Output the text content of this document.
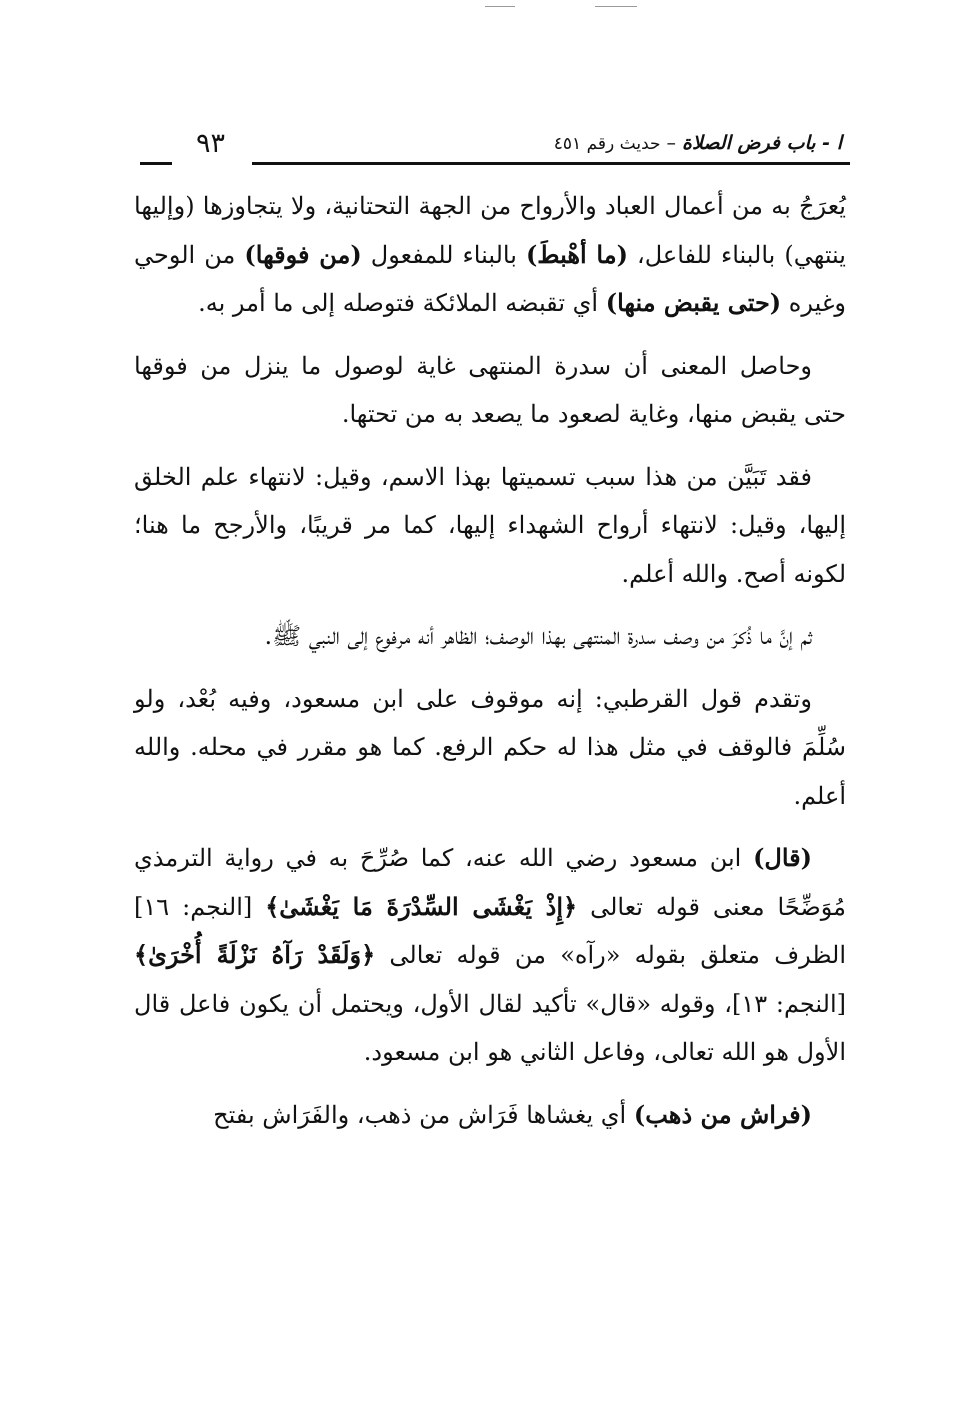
ا - باب فرض الصلاة–حديث رقم ٤٥١
٩٣

يُعرَجُ به من أعمال العباد والأرواح من الجهة التحتانية، ولا يتجاوزها (وإليها ينتهي) بالبناء للفاعل، (ما أهْبطَ) بالبناء للمفعول (من فوقها) من الوحي وغيره (حتى يقبض منها) أي تقبضه الملائكة فتوصله إلى ما أمر به.

وحاصل المعنى أن سدرة المنتهى غاية لوصول ما ينزل من فوقها حتى يقبض منها، وغاية لصعود ما يصعد به من تحتها.

فقد تَبَيَّن من هذا سبب تسميتها بهذا الاسم، وقيل: لانتهاء علم الخلق إليها، وقيل: لانتهاء أرواح الشهداء إليها، كما مر قريبًا، والأرجح ما هنا؛ لكونه أصح. والله أعلم.

ثم إنَّ ما ذُكرَ من وصف سدرة المنتهى بهذا الوصف؛ الظاهر أنه مرفوع إلى النبي ﷺ.

وتقدم قول القرطبي: إنه موقوف على ابن مسعود، وفيه بُعْد، ولو سُلِّمَ فالوقف في مثل هذا له حكم الرفع. كما هو مقرر في محله. والله أعلم.

(قال) ابن مسعود رضي الله عنه، كما صُرِّحَ به في رواية الترمذي مُوَضِّحًا معنى قوله تعالى ﴿إِذْ يَغْشَى السِّدْرَةَ مَا يَغْشَىٰ﴾ [النجم: ١٦] الظرف متعلق بقوله «رآه» من قوله تعالى ﴿وَلَقَدْ رَآهُ نَزْلَةً أُخْرَىٰ﴾ [النجم: ١٣]، وقوله «قال» تأكيد لقال الأول، ويحتمل أن يكون فاعل قال الأول هو الله تعالى، وفاعل الثاني هو ابن مسعود.

(فراش من ذهب) أي يغشاها فَرَاش من ذهب، والفَرَاش بفتح
